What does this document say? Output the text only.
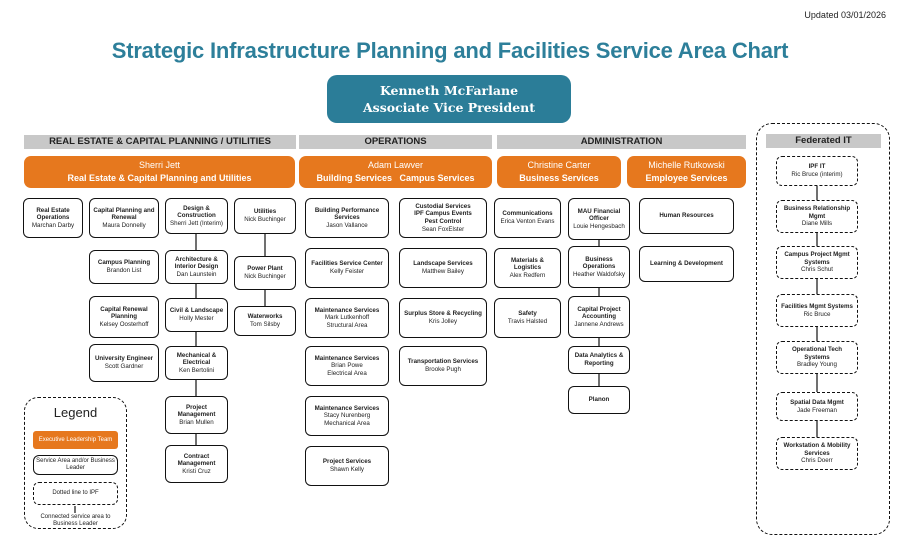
Updated 03/01/2026
Strategic Infrastructure Planning and Facilities Service Area Chart
Kenneth McFarlane
Associate Vice President
REAL ESTATE & CAPITAL PLANNING / UTILITIES	OPERATIONS	ADMINISTRATION
Sherri Jett
Real Estate & Capital Planning and Utilities
Adam Lawver
Building Services Campus Services
Christine Carter
Business Services
Michelle Rutkowski
Employee Services
Real Estate Operations
Marchan Darby
Capital Planning and Renewal
Maura Donnelly
Campus Planning
Brandon List
Capital Renewal Planning
Kelsey Oosterhoff
University Engineer
Scott Gardner
Design & Construction
Sherri Jett (Interim)
Architecture & Interior Design
Dan Launstein
Civil & Landscape
Holly Mester
Mechanical & Electrical
Ken Bertolini
Project Management
Brian Mullen
Contract Management
Kristi Cruz
Utilities
Nick Buchinger
Power Plant
Nick Buchinger
Waterworks
Tom Silsby
Building Performance Services
Jason Vallance
Facilities Service Center
Kelly Feister
Maintenance Services
Mark Lutkenhoff
Structural Area
Maintenance Services
Brian Powe
Electrical Area
Maintenance Services
Stacy Nurenberg
Mechanical Area
Project Services
Shawn Kelly
Custodial Services
IPF Campus Events
Pest Control
Sean FoxElster
Landscape Services
Matthew Bailey
Surplus Store & Recycling
Kris Jolley
Transportation Services
Brooke Pugh
Communications
Erica Venton Evans
Materials & Logistics
Alex Redfern
Safety
Travis Halsted
MAU Financial Officer
Louie Hengesbach
Business Operations
Heather Waldofsky
Capital Project Accounting
Jannene Andrews
Data Analytics & Reporting
Planon
Human Resources
Learning & Development
Federated IT
IPF IT
Ric Bruce (interim)
Business Relationship Mgmt
Diane Mills
Campus Project Mgmt Systems
Chris Schut
Facilities Mgmt Systems
Ric Bruce
Operational Tech Systems
Bradley Young
Spatial Data Mgmt
Jade Freeman
Workstation & Mobility Services
Chris Doerr
Legend
Executive Leadership Team
Service Area and/or Business Leader
Dotted line to IPF
Connected service area to Business Leader
